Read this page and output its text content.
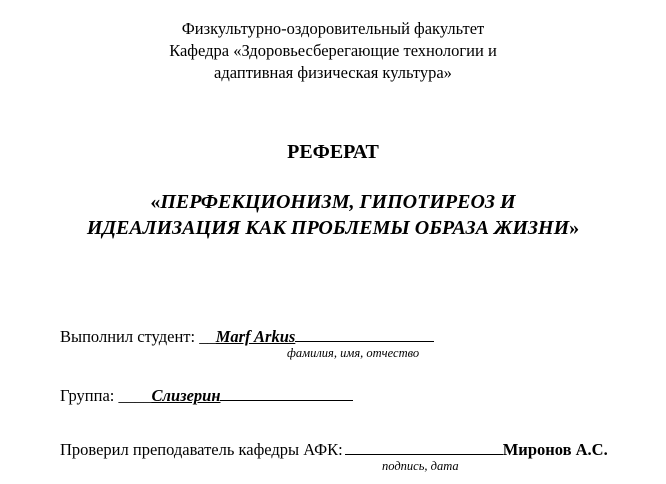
Физкультурно-оздоровительный факультет
Кафедра «Здоровьесберегающие технологии и
адаптивная физическая культура»
РЕФЕРАТ
«ПЕРФЕКЦИОНИЗМ, ГИПОТИРЕОЗ И
ИДЕАЛИЗАЦИЯ КАК ПРОБЛЕМЫ ОБРАЗА ЖИЗНИ»
Выполнил студент: __Marf Arkus
фамилия, имя, отчество
Группа: ____Слизерин
Проверил преподаватель кафедры АФК:	Миронов А.С.
подпись, дата
